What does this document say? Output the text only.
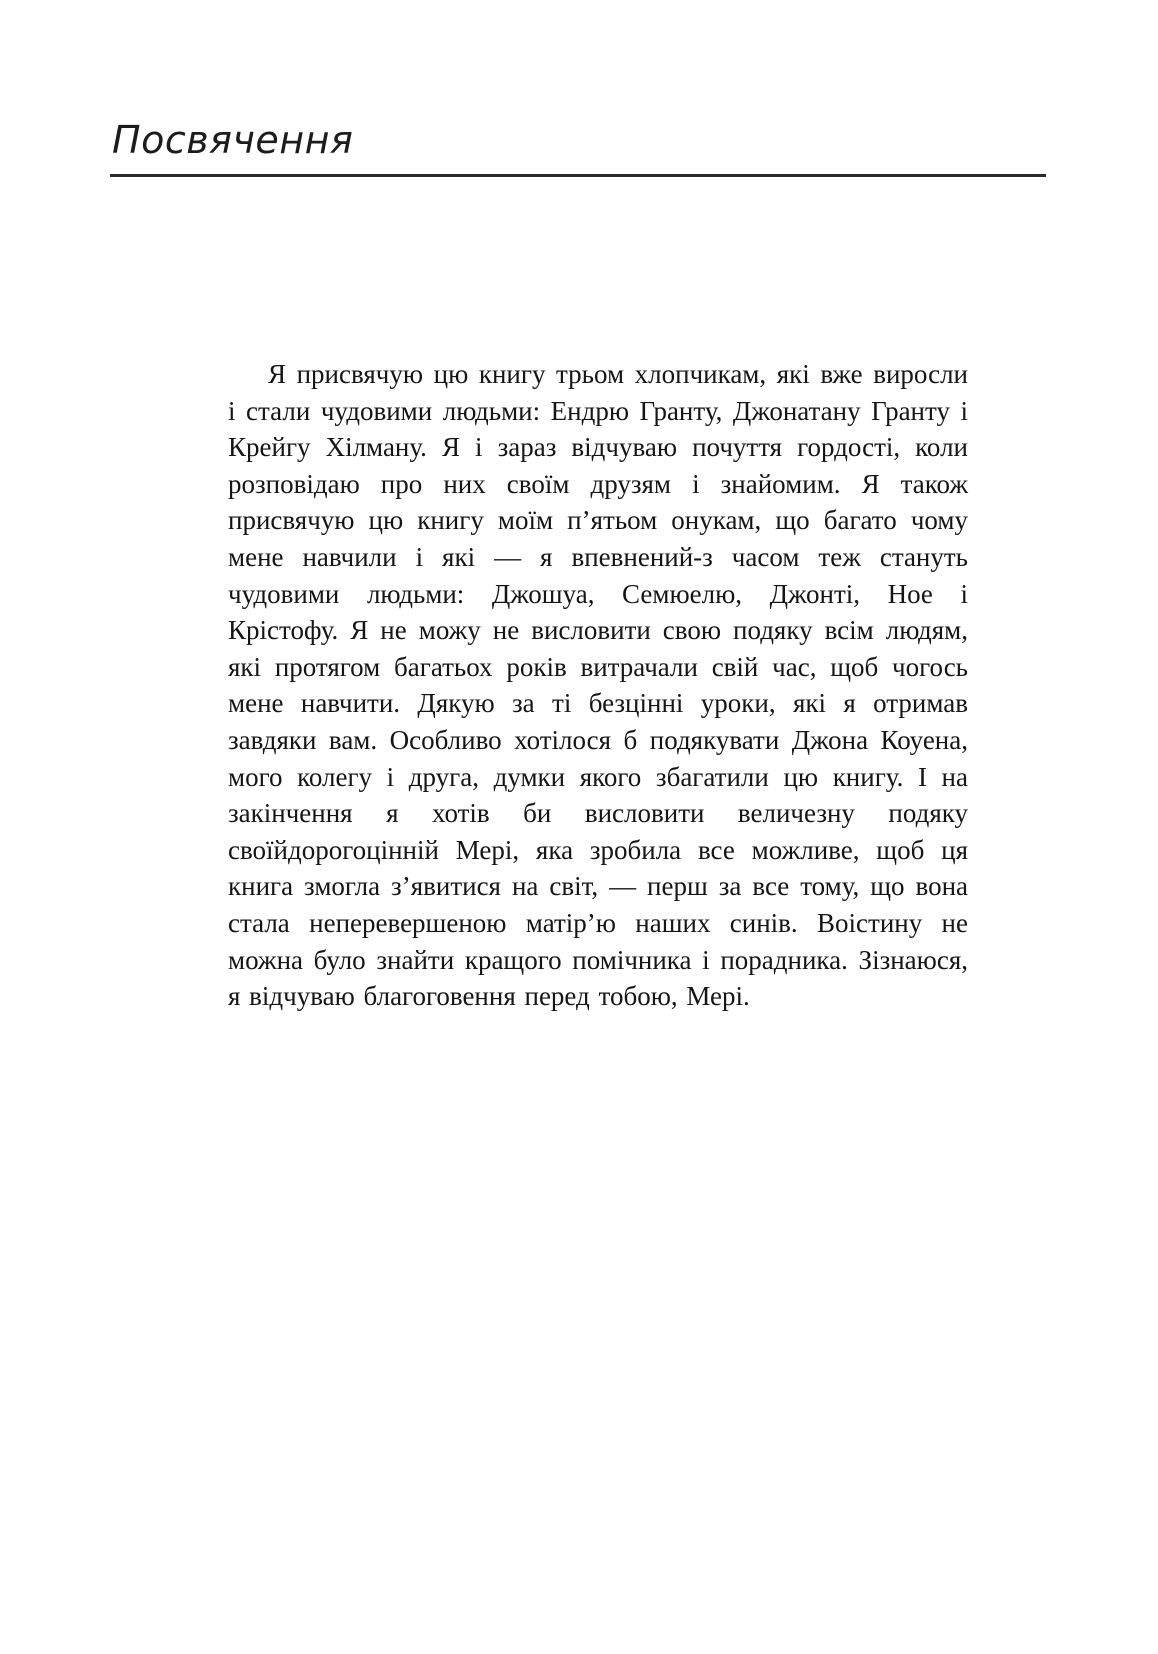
Посвячення

Я присвячую цю книгу трьом хлопчикам, які вже виросли і стали чудовими людьми: Ендрю Гранту, Джонатану Гранту і Крейгу Хілману. Я і зараз відчуваю почуття гордості, коли розповідаю про них своїм друзям і знайомим. Я також присвячую цю книгу моїм п’ятьом онукам, що багато чому мене навчили і які — я впевнений-з часом теж стануть чудовими людьми: Джошуа, Семюелю, Джонті, Ное і Крістофу. Я не можу не висловити свою подяку всім людям, які протягом багатьох років витрачали свій час, щоб чогось мене навчити. Дякую за ті безцінні уроки, які я отримав завдяки вам. Особливо хотілося б подякувати Джона Коуена, мого колегу і друга, думки якого збагатили цю книгу. І на закінчення я хотів би висловити величезну подяку своїйдорогоцінній Мері, яка зробила все можливе, щоб ця книга змогла з’явитися на світ, — перш за все тому, що вона стала неперевершеною матір’ю наших синів. Воістину не можна було знайти кращого помічника і порадника. Зізнаюся, я відчуваю благоговення перед тобою, Мері.
